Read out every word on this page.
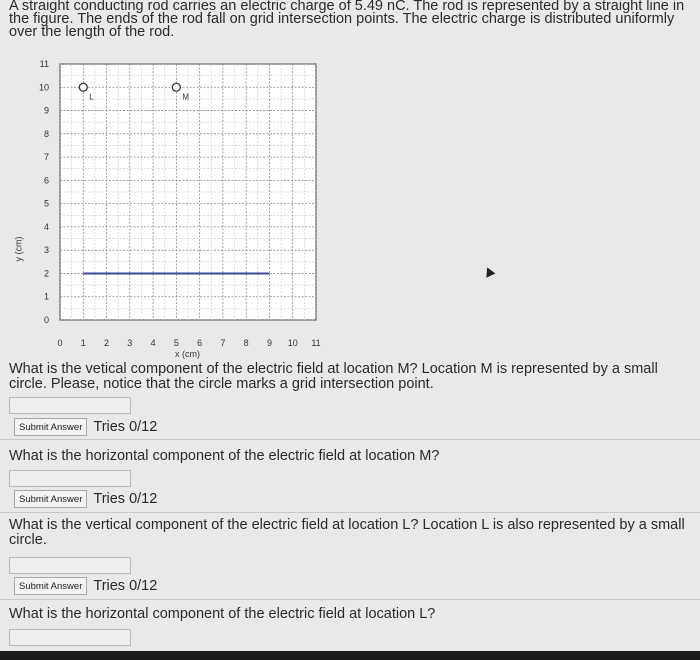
A straight conducting rod carries an electric charge of 5.49 nC. The rod is represented by a straight line in the figure. The ends of the rod fall on grid intersection points. The electric charge is distributed uniformly over the length of the rod.
0 1 2 3 4 5 6 7 8 9 10 11
0
1
2
3
4
5
6
7
8
9
10
11
L	M
y (cm)
x (cm)
What is the vetical component of the electric field at location M? Location M is represented by a small circle. Please, notice that the circle marks a grid intersection point.
Submit Answer Tries 0/12
What is the horizontal component of the electric field at location M?
Submit Answer Tries 0/12
What is the vertical component of the electric field at location L? Location L is also represented by a small circle.
Submit Answer Tries 0/12
What is the horizontal component of the electric field at location L?
